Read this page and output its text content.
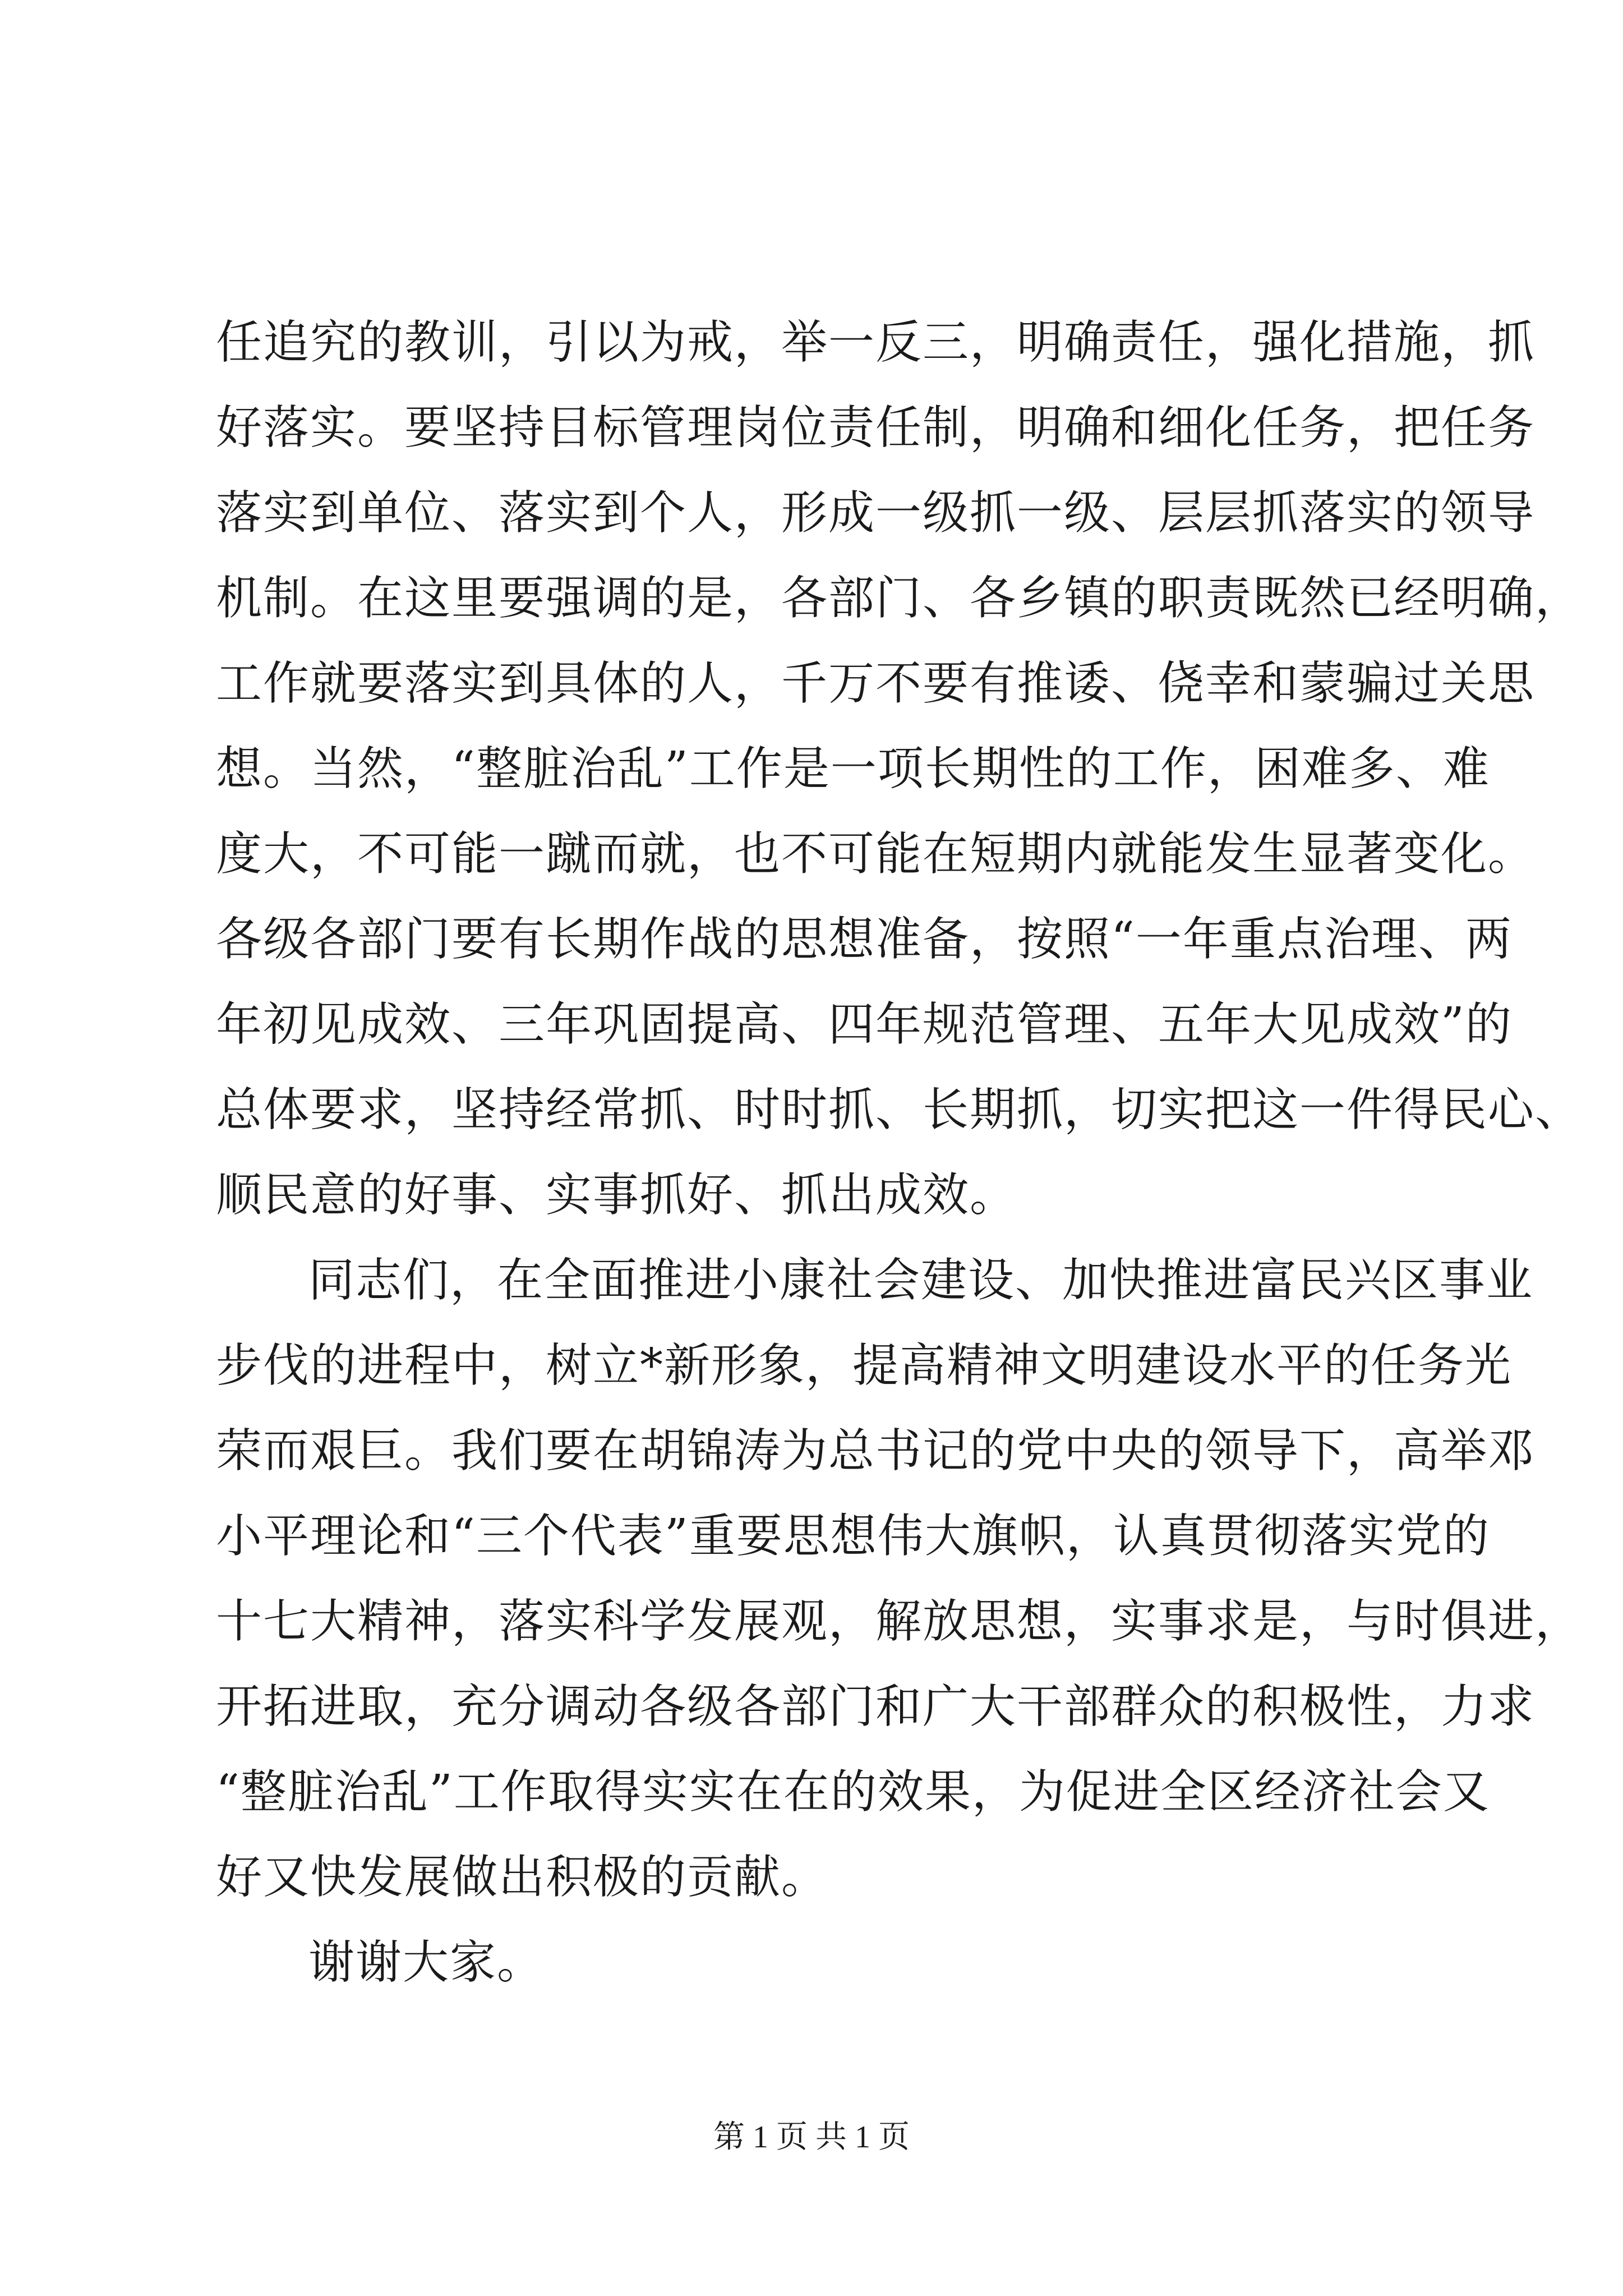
任追究的教训，引以为戒，举一反三，明确责任，强化措施，抓
好落实。要坚持目标管理岗位责任制，明确和细化任务，把任务
落实到单位、落实到个人，形成一级抓一级、层层抓落实的领导
机制。在这里要强调的是，各部门、各乡镇的职责既然已经明确，
工作就要落实到具体的人，千万不要有推诿、侥幸和蒙骗过关思
想。当然，“整脏治乱”工作是一项长期性的工作，困难多、难
度大，不可能一蹴而就，也不可能在短期内就能发生显著变化。
各级各部门要有长期作战的思想准备，按照“一年重点治理、两
年初见成效、三年巩固提高、四年规范管理、五年大见成效”的
总体要求，坚持经常抓、时时抓、长期抓，切实把这一件得民心、
顺民意的好事、实事抓好、抓出成效。
同志们，在全面推进小康社会建设、加快推进富民兴区事业
步伐的进程中，树立*新形象，提高精神文明建设水平的任务光
荣而艰巨。我们要在胡锦涛为总书记的党中央的领导下，高举邓
小平理论和“三个代表”重要思想伟大旗帜，认真贯彻落实党的
十七大精神，落实科学发展观，解放思想，实事求是，与时俱进，
开拓进取，充分调动各级各部门和广大干部群众的积极性，力求
“整脏治乱”工作取得实实在在的效果，为促进全区经济社会又
好又快发展做出积极的贡献。
谢谢大家。
第 1 页 共 1 页
